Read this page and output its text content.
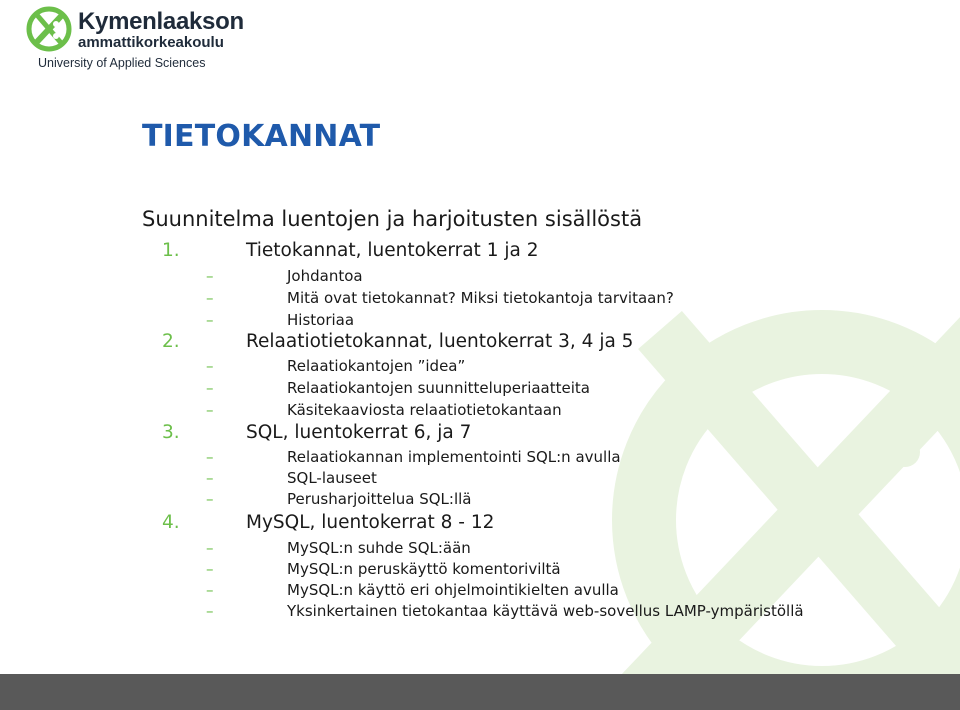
Kymenlaakson
ammattikorkeakoulu
University of Applied Sciences
TIETOKANNAT
Suunnitelma luentojen ja harjoitusten sisällöstä
1.	Tietokannat, luentokerrat 1 ja 2
–	Johdantoa
–	Mitä ovat tietokannat? Miksi tietokantoja tarvitaan?
–	Historiaa
2.	Relaatiotietokannat, luentokerrat 3, 4 ja 5
–	Relaatiokantojen ”idea”
–	Relaatiokantojen suunnitteluperiaatteita
–	Käsitekaaviosta relaatiotietokantaan
3.	SQL, luentokerrat 6, ja 7
–	Relaatiokannan implementointi SQL:n avulla
–	SQL-lauseet
–	Perusharjoittelua SQL:llä
4.	MySQL, luentokerrat 8 - 12
–	MySQL:n suhde SQL:ään
–	MySQL:n peruskäyttö komentoriviltä
–	MySQL:n käyttö eri ohjelmointikielten avulla
–	Yksinkertainen tietokantaa käyttävä web-sovellus LAMP-ympäristöllä
